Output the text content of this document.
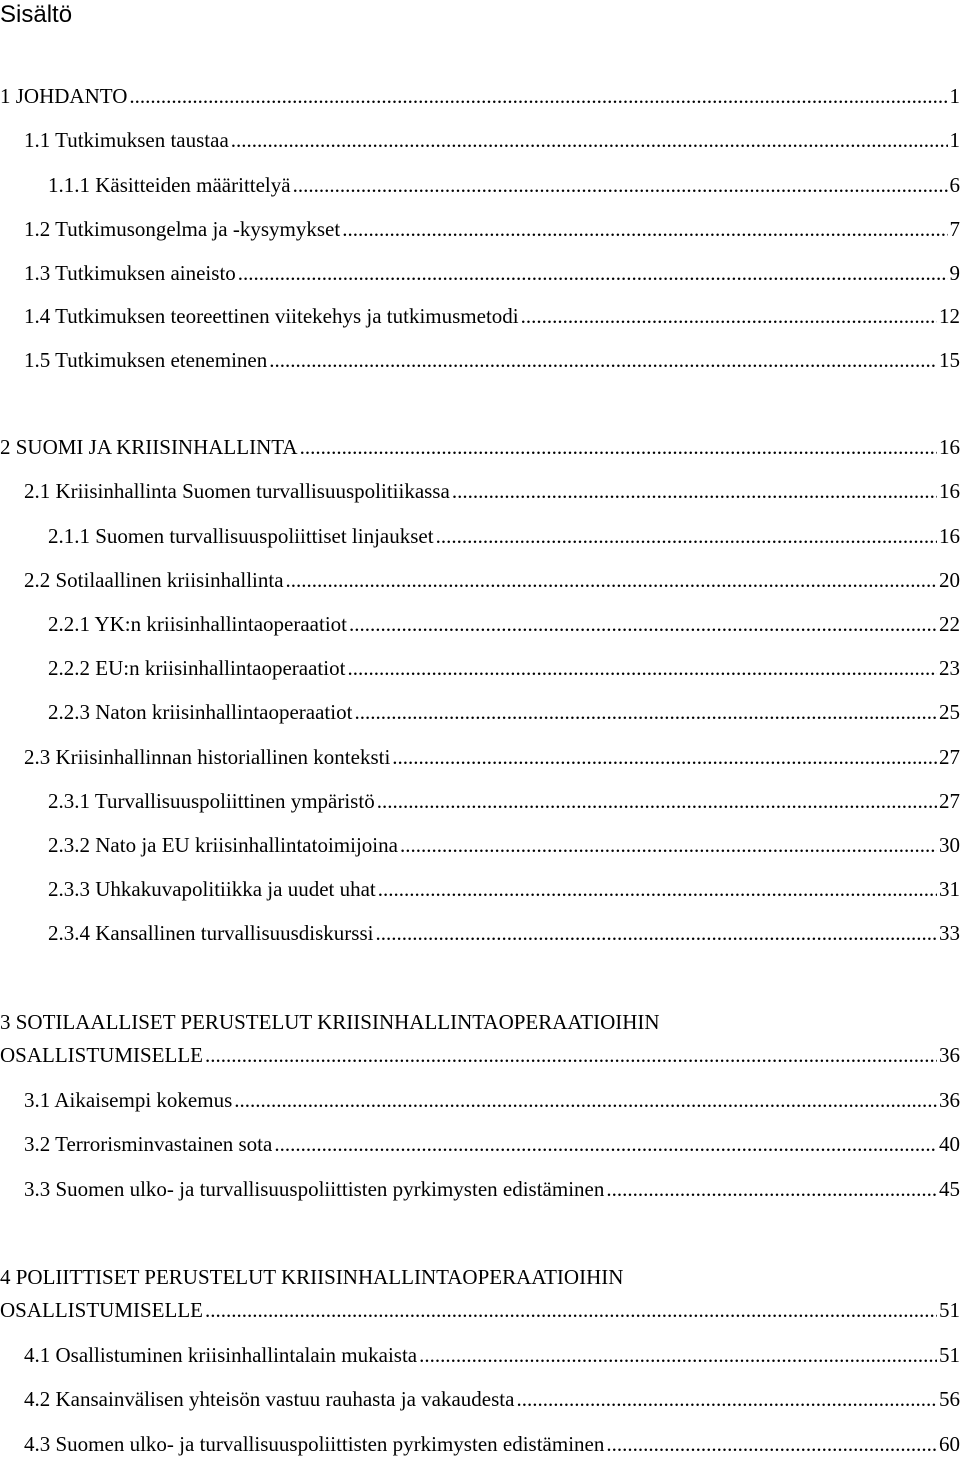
Sisältö
1 JOHDANTO .....	1
1.1 Tutkimuksen taustaa .....	1
1.1.1 Käsitteiden määrittelyä .....	6
1.2 Tutkimusongelma ja -kysymykset .....	7
1.3 Tutkimuksen aineisto .....	9
1.4 Tutkimuksen teoreettinen viitekehys ja tutkimusmetodi .....	12
1.5 Tutkimuksen eteneminen .....	15
2 SUOMI JA KRIISINHALLINTA .....	16
2.1 Kriisinhallinta Suomen turvallisuuspolitiikassa .....	16
2.1.1 Suomen turvallisuuspoliittiset linjaukset .....	16
2.2 Sotilaallinen kriisinhallinta .....	20
2.2.1 YK:n kriisinhallintaoperaatiot .....	22
2.2.2 EU:n kriisinhallintaoperaatiot .....	23
2.2.3 Naton kriisinhallintaoperaatiot .....	25
2.3 Kriisinhallinnan historiallinen konteksti .....	27
2.3.1 Turvallisuuspoliittinen ympäristö .....	27
2.3.2 Nato ja EU kriisinhallintatoimijoina .....	30
2.3.3 Uhkakuvapolitiikka ja uudet uhat .....	31
2.3.4 Kansallinen turvallisuusdiskurssi .....	33
3 SOTILAALLISET PERUSTELUT KRIISINHALLINTAOPERAATIOIHIN
OSALLISTUMISELLE .....	36
3.1 Aikaisempi kokemus .....	36
3.2 Terrorisminvastainen sota .....	40
3.3 Suomen ulko- ja turvallisuuspoliittisten pyrkimysten edistäminen .....	45
4 POLIITTISET PERUSTELUT KRIISINHALLINTAOPERAATIOIHIN
OSALLISTUMISELLE .....	51
4.1 Osallistuminen kriisinhallintalain mukaista .....	51
4.2 Kansainvälisen yhteisön vastuu rauhasta ja vakaudesta .....	56
4.3 Suomen ulko- ja turvallisuuspoliittisten pyrkimysten edistäminen .....	60
